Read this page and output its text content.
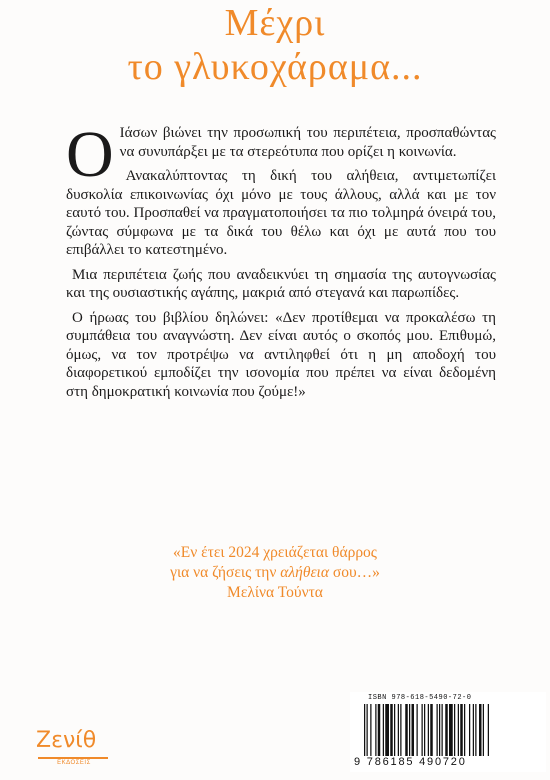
Μέχρι
το γλυκοχάραμα...

Ο Ιάσων βιώνει την προσωπική του περιπέτεια, προσπαθώντας να συνυπάρξει με τα στερεότυπα που ορίζει η κοινωνία.

Ανακαλύπτοντας τη δική του αλήθεια, αντιμετωπίζει δυσκολία επικοινωνίας όχι μόνο με τους άλλους, αλλά και με τον εαυτό του. Προσπαθεί να πραγματοποιήσει τα πιο τολμηρά όνειρά του, ζώντας σύμφωνα με τα δικά του θέλω και όχι με αυτά που του επιβάλλει το κατεστημένο.

Μια περιπέτεια ζωής που αναδεικνύει τη σημασία της αυτογνωσίας και της ουσιαστικής αγάπης, μακριά από στεγανά και παρωπίδες.

Ο ήρωας του βιβλίου δηλώνει: «Δεν προτίθεμαι να προκαλέσω τη συμπάθεια του αναγνώστη. Δεν είναι αυτός ο σκοπός μου. Επιθυμώ, όμως, να τον προτρέψω να αντιληφθεί ότι η μη αποδοχή του διαφορετικού εμποδίζει την ισονομία που πρέπει να είναι δεδομένη στη δημοκρατική κοινωνία που ζούμε!»

«Εν έτει 2024 χρειάζεται θάρρος
για να ζήσεις την αλήθεια σου…»
Μελίνα Τούντα
ISBN 978-618-5490-72-0
9 786185 490720
Ζενίθ
ΕΚΔΟΣΕΙΣ
